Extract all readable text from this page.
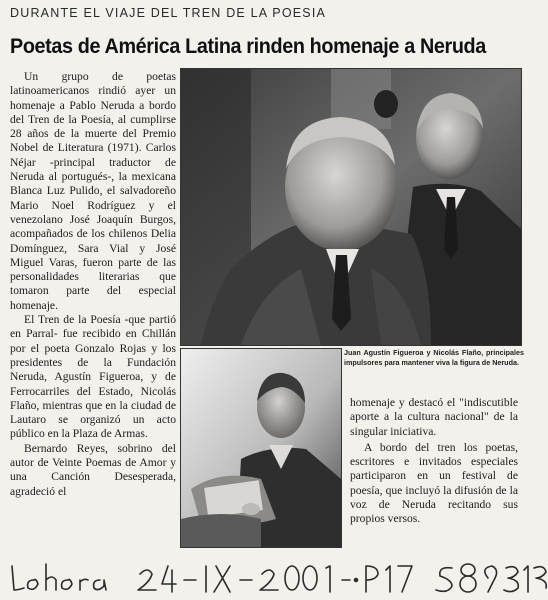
DURANTE EL VIAJE DEL TREN DE LA POESIA
Poetas de América Latina rinden homenaje a Neruda

Un grupo de poetas latinoamericanos rindió ayer un homenaje a Pablo Neruda a bordo del Tren de la Poesía, al cumplirse 28 años de la muerte del Premio Nobel de Literatura (1971). Carlos Néjar -principal traductor de Neruda al portugués-, la mexicana Blanca Luz Pulido, el salvadoreño Mario Noel Rodríguez y el venezolano José Joaquín Burgos, acompañados de los chilenos Delia Domínguez, Sara Vial y José Miguel Varas, fueron parte de las personalidades literarias que tomaron parte del especial homenaje.

El Tren de la Poesía -que partió en Parral- fue recibido en Chillán por el poeta Gonzalo Rojas y los presidentes de la Fundación Neruda, Agustín Figueroa, y de Ferrocarriles del Estado, Nicolás Flaño, mientras que en la ciudad de Lautaro se organizó un acto público en la Plaza de Armas.

Bernardo Reyes, sobrino del autor de Veinte Poemas de Amor y una Canción Desesperada, agradeció el

Juan Agustín Figueroa y Nicolás Flaño, principales impulsores para mantener viva la figura de Neruda.

homenaje y destacó el "indiscutible aporte a la cultura nacional" de la singular iniciativa.

A bordo del tren los poetas, escritores e invitados especiales participaron en un festival de poesía, que incluyó la difusión de la voz de Neruda recitando sus propios versos.
